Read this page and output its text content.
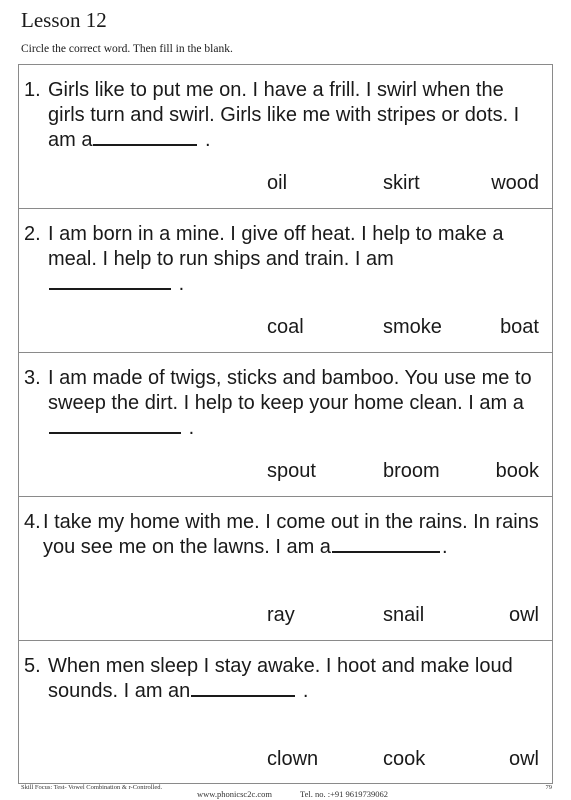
Lesson 12
Circle the correct word. Then fill in the blank.
1. Girls like to put me on. I have a frill. I swirl when the girls turn and swirl. Girls like me with stripes or dots. I am a	.
oil	skirt	wood
2. I am born in a mine. I give off heat. I help to make a meal. I help to run ships and train. I am
.
coal	smoke	boat
3. I am made of twigs, sticks and bamboo. You use me to sweep the dirt. I help to keep your home clean. I am a  .
spout	broom	book
4. I take my home with me. I come out in the rains. In rains you see me on the lawns. I am a	.
ray	snail	owl
5. When men sleep I stay awake. I hoot and make loud sounds. I am an	.
clown	cook	owl
Skill Focus: Test- Vowel Combination & r-Controlled.
www.phonicsc2c.com	Tel. no. :+91 9619739062
79
